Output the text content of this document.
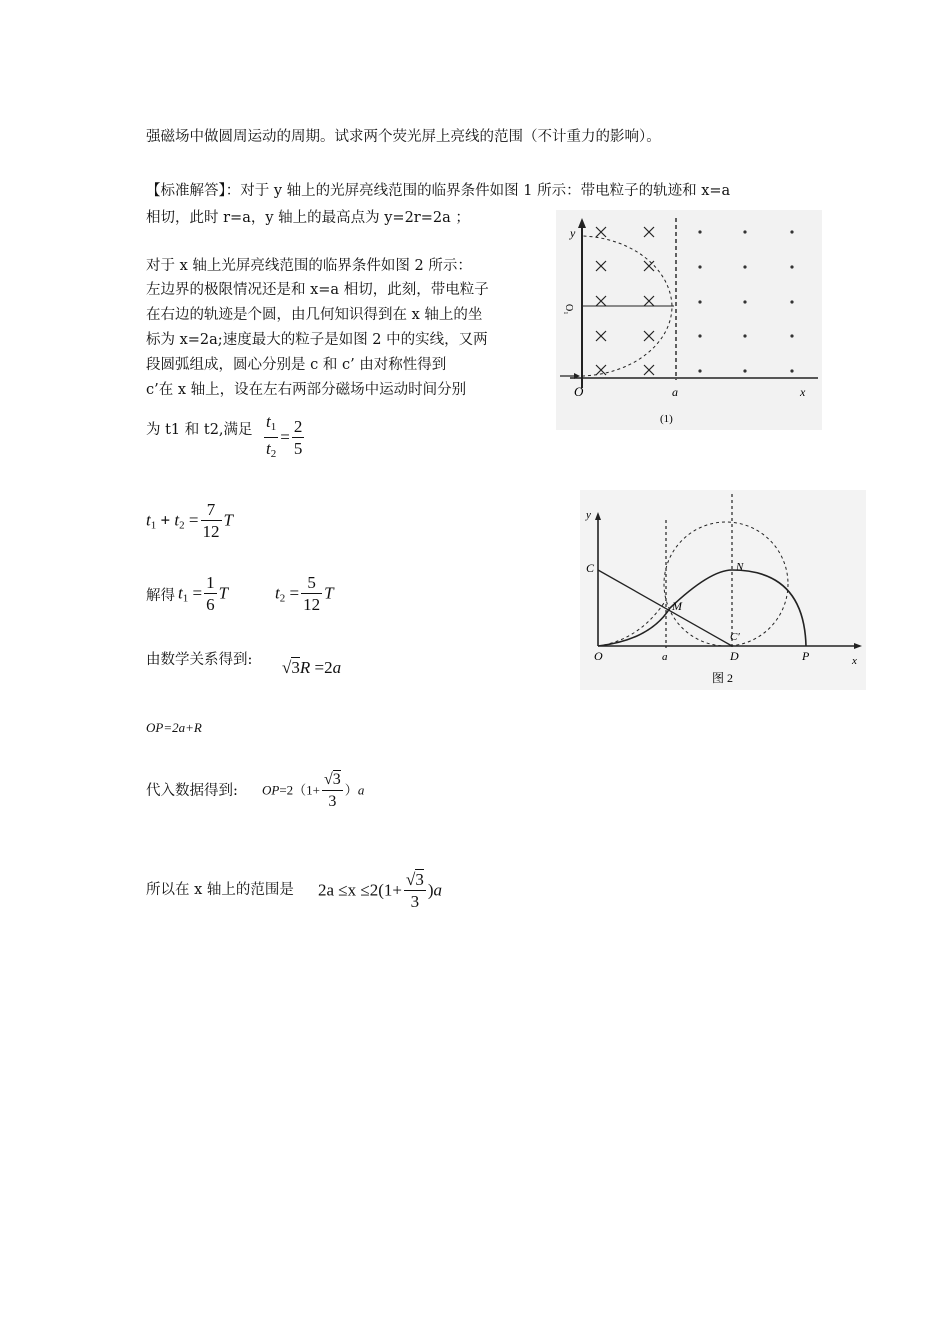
强磁场中做圆周运动的周期。试求两个荧光屏上亮线的范围（不计重力的影响）。
【标准解答】：对于 y 轴上的光屏亮线范围的临界条件如图 1 所示：带电粒子的轨迹和 x=a
相切，此时 r=a，y 轴上的最高点为 y=2r=2a ；
对于 x 轴上光屏亮线范围的临界条件如图 2 所示：
左边界的极限情况还是和 x=a 相切，此刻，带电粒子
在右边的轨迹是个圆，由几何知识得到在 x 轴上的坐
标为 x=2a;速度最大的粒子是如图 2 中的实线，又两
段圆弧组成，圆心分别是 c 和 c’ 由对称性得到
c’在 x 轴上，设在左右两部分磁场中运动时间分别
为 t1 和 t2,满足 $\frac{t_1}{t_2} = \frac{2}{5}$
$t_1 + t_2 = \frac{7}{12}$ T
解得 $t_1 = \frac{1}{6}$ T	$t_2 = \frac{5}{12}$ T
由数学关系得到: √3R =2a
OP=2a+R
代入数据得到: $OP=2(1+ \frac{√3}{3} )a$
所以在 x 轴上的范围是 $2a \le x \le 2(1+ \frac{√3}{3} )a$
y
O	a	x
O₁
(1)
y
C
M
N
C′
O	a	D	P	x
图 2
